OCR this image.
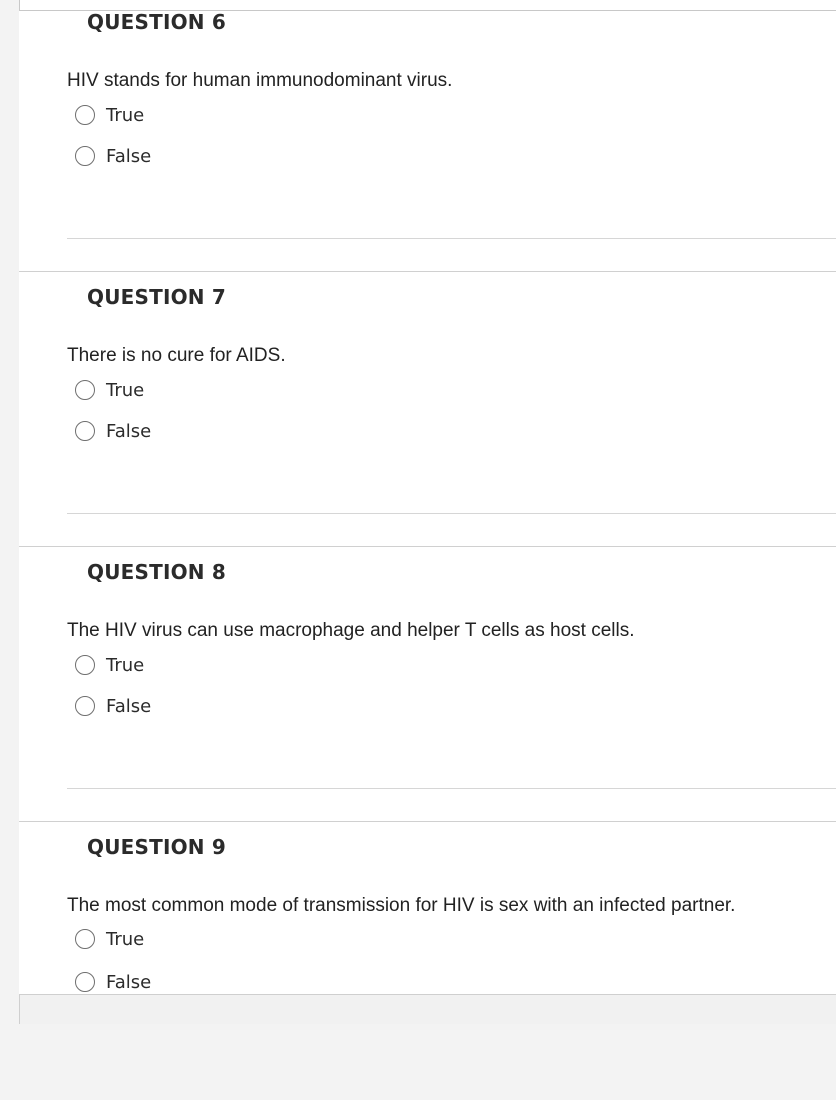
QUESTION 6
HIV stands for human immunodominant virus.
True
False
QUESTION 7
There is no cure for AIDS.
True
False
QUESTION 8
The HIV virus can use macrophage and helper T cells as host cells.
True
False
QUESTION 9
The most common mode of transmission for HIV is sex with an infected partner.
True
False
